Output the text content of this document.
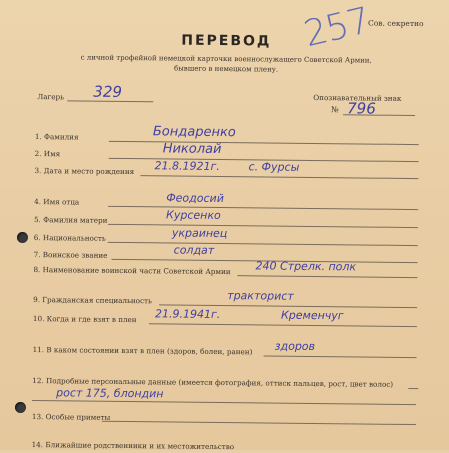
Сов. секретно
257
ПЕРЕВОД
с личной трофейной немецкой карточки военнослужащего Советской Армии,
бывшего в немецком плену.
Лагерь 329	Опознавательный знак
№ 796
1. Фамилия	Бондаренко
2. Имя	Николай
3. Дата и место рождения 21.8.1921г.	с. Фурсы
4. Имя отца	Феодосий
5. Фамилия матери	Курсенко
6. Национальность	украинец
7. Воинское звание	солдат
8. Наименование воинской части Советской Армии 240 Стрелк. полк
9. Гражданская специальность	тракторист
10. Когда и где взят в плен 21.9.1941г.	Кременчуг
11. В каком состоянии взят в плен (здоров, болен, ранен) здоров
12. Подробные персональные данные (имеется фотография, оттиск пальцев, рост, цвет волос)
рост 175, блондин
13. Особые приметы
14. Ближайшие родственники и их местожительство
